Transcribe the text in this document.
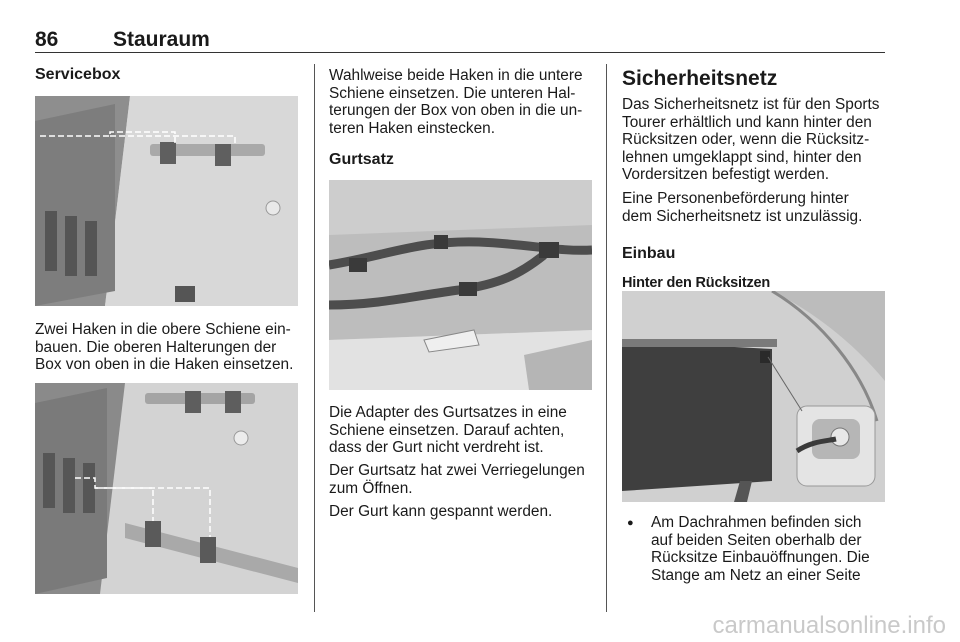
86	Stauraum
Servicebox

Zwei Haken in die obere Schiene ein-
bauen. Die oberen Halterungen der
Box von oben in die Haken einsetzen.

Wahlweise beide Haken in die untere
Schiene einsetzen. Die unteren Hal-
terungen der Box von oben in die un-
teren Haken einstecken.

Gurtsatz

Die Adapter des Gurtsatzes in eine
Schiene einsetzen. Darauf achten,
dass der Gurt nicht verdreht ist.

Der Gurtsatz hat zwei Verriegelungen
zum Öffnen.

Der Gurt kann gespannt werden.

Sicherheitsnetz

Das Sicherheitsnetz ist für den Sports
Tourer erhältlich und kann hinter den
Rücksitzen oder, wenn die Rücksitz-
lehnen umgeklappt sind, hinter den
Vordersitzen befestigt werden.

Eine Personenbeförderung hinter
dem Sicherheitsnetz ist unzulässig.

Einbau
Hinter den Rücksitzen
● Am Dachrahmen befinden sich
auf beiden Seiten oberhalb der
Rücksitze Einbauöffnungen. Die
Stange am Netz an einer Seite

carmanualsonline.info
